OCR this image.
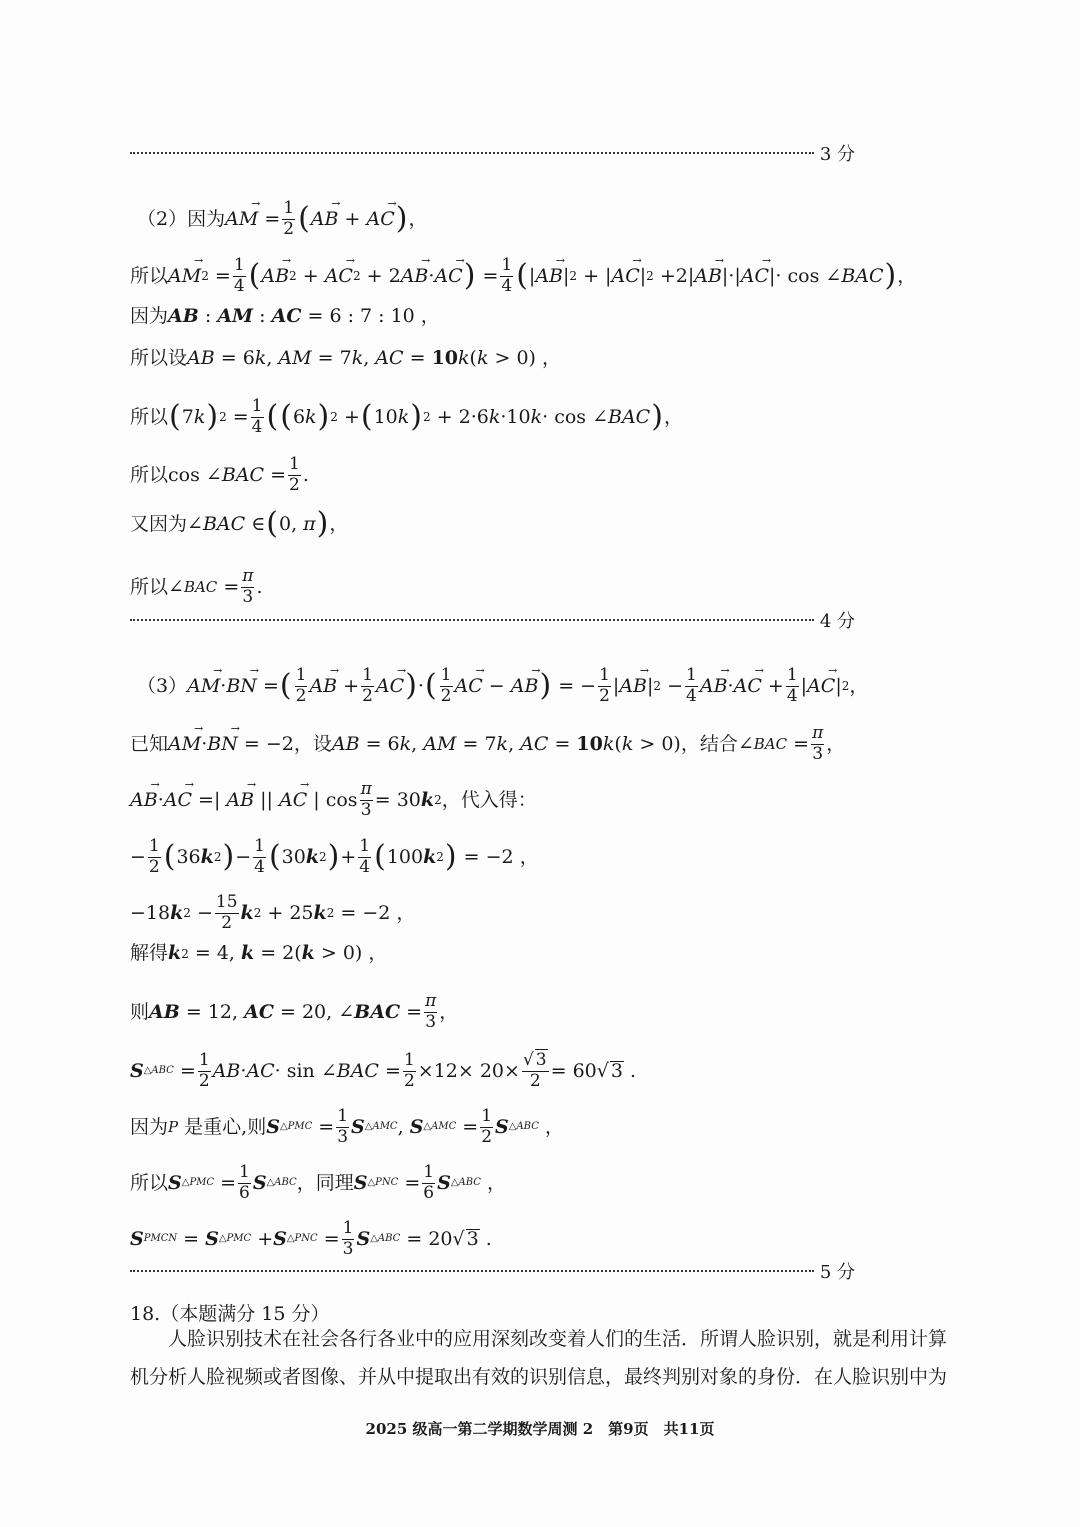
3 分
（2）因为 AM → = 1
2 ( AB → + AC → ) ，
所以 AM → 2 = 1
4 ( AB → 2 + AC → 2 + 2 AB → · AC → ) = 1
4 ( | AB → | 2 + | AC → | 2 +2| AB → |·| AC → |· cos ∠ BAC ) ，
因为 AB : AM : AC = 6 : 7 : 10 ，
所以设 AB = 6 k , AM = 7 k , AC = 10 k ( k > 0) ，
所以 ( 7 k ) 2 = 1
4 ( ( 6 k ) 2 + ( 10 k ) 2 + 2·6 k ·10 k · cos ∠ BAC ) ，
所以 cos ∠ BAC = 1
2 .
又因为 ∠ BAC ∈ ( 0, π ) ，
所以 ∠ BAC = π
3 .
4 分
（3） AM → · BN → = ( 1
2 AB → + 1
2 AC → ) · ( 1
2 AC → − AB → ) = − 1
2 | AB → | 2 − 1
4 AB → · AC → + 1
4 | AC → | 2 ，
已知 AM → · BN → = −2 ，设 AB = 6 k , AM = 7 k , AC = 10 k ( k > 0) ，结合 ∠ BAC = π
3 ，
AB → · AC → =| AB → || AC → | cos π
3 = 30 k 2 ，代入得：
− 1
2 ( 36 k 2 ) − 1
4 ( 30 k 2 ) + 1
4 ( 100 k 2 ) = −2 ，
−18 k 2 − 15
2 k 2 + 25 k 2 = −2 ，
解得 k 2 = 4, k = 2( k > 0) ，
则 AB = 12, AC = 20, ∠ BAC = π
3 ，
S △ABC = 1
2 AB · AC · sin ∠ BAC = 1
2 ×12× 20× √ 3
2 = 60√ 3 .
因为 P
是重心,则 S △PMC = 1
3 S △AMC , S △AMC = 1
2 S △ABC ，
所以 S △PMC = 1
6 S △ABC ，同理 S △PNC = 1
6 S △ABC ，
S PMCN = S △PMC + S △PNC = 1
3 S △ABC = 20√ 3 .
5 分
18.（本题满分 15 分）
人脸识别技术在社会各行各业中的应用深刻改变着人们的生活．所谓人脸识别，就是利用计算机分析人脸视频或者图像、并从中提取出有效的识别信息，最终判别对象的身份．在人脸识别中为
2025 级高一第二学期数学周测 2　第9页　共11页
